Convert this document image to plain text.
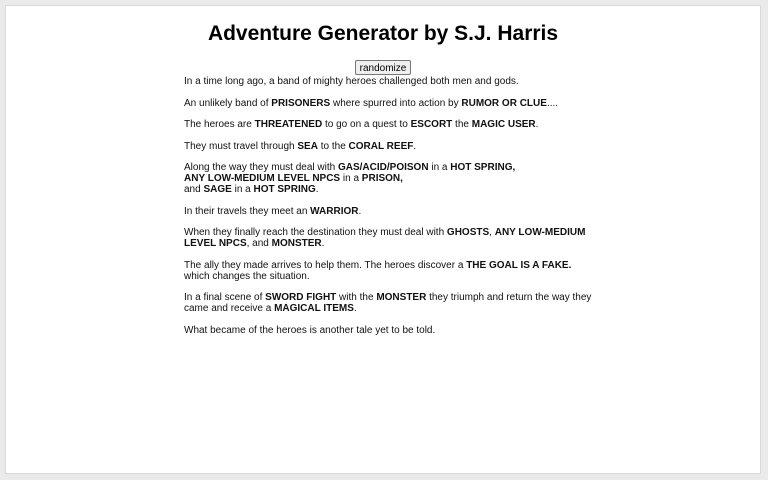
Adventure Generator by S.J. Harris
randomize

In a time long ago, a band of mighty heroes challenged both men and gods.

An unlikely band of PRISONERS where spurred into action by RUMOR OR CLUE....

The heroes are THREATENED to go on a quest to ESCORT the MAGIC USER.

They must travel through SEA to the CORAL REEF.

Along the way they must deal with GAS/ACID/POISON in a HOT SPRING,
ANY LOW-MEDIUM LEVEL NPCS in a PRISON,
and SAGE in a HOT SPRING.

In their travels they meet an WARRIOR.

When they finally reach the destination they must deal with GHOSTS, ANY LOW-MEDIUM LEVEL NPCS, and MONSTER.

The ally they made arrives to help them. The heroes discover a THE GOAL IS A FAKE. which changes the situation.

In a final scene of SWORD FIGHT with the MONSTER they triumph and return the way they came and receive a MAGICAL ITEMS.

What became of the heroes is another tale yet to be told.
